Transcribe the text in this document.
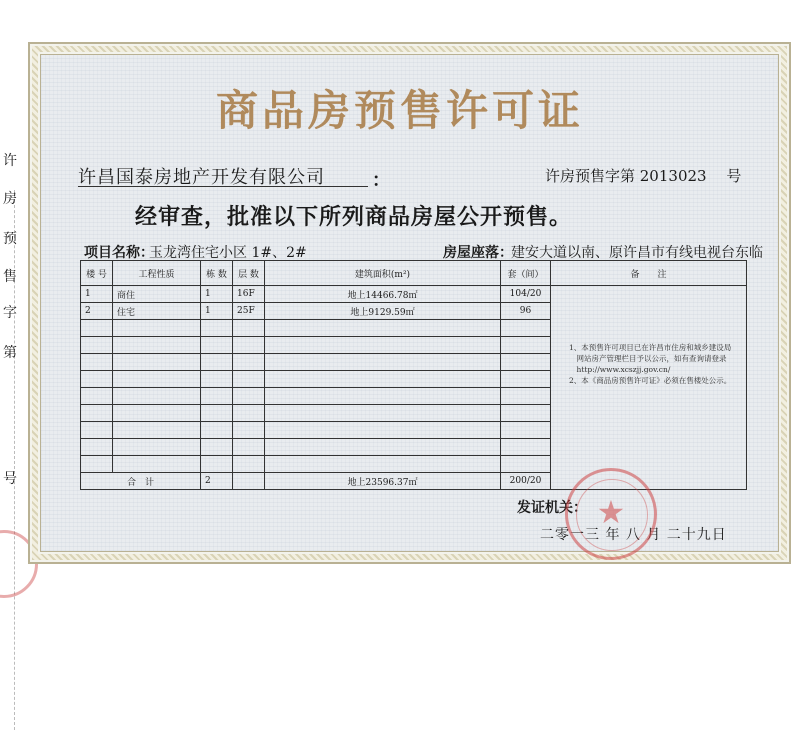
许
房
预
售
字
第
号
商品房预售许可证
许昌国泰房地产开发有限公司	：	许房预售字第 2013023　 号
经审查，批准以下所列商品房屋公开预售。
项目名称：
玉龙湾住宅小区 1#、2#	房屋座落：
建安大道以南、原许昌市有线电视台东临
楼 号	工程性质	栋 数	层 数	建筑面积(m²)	套（间）	备　　注
1	商住	1	16F	地上14466.78㎡	104/20	1、本预售许可项目已在许昌市住房和城乡建设局
　网站房产管理栏目予以公示，如有查询请登录
　http://www.xcszjj.gov.cn/
2、本《商品房预售许可证》必须在售楼处公示。

2	住宅	1	25F	地上9129.59㎡	96	

合　计		2		地上23596.37㎡	200/20	
发证机关：
二零一三 年 八 月 二十九日
★
